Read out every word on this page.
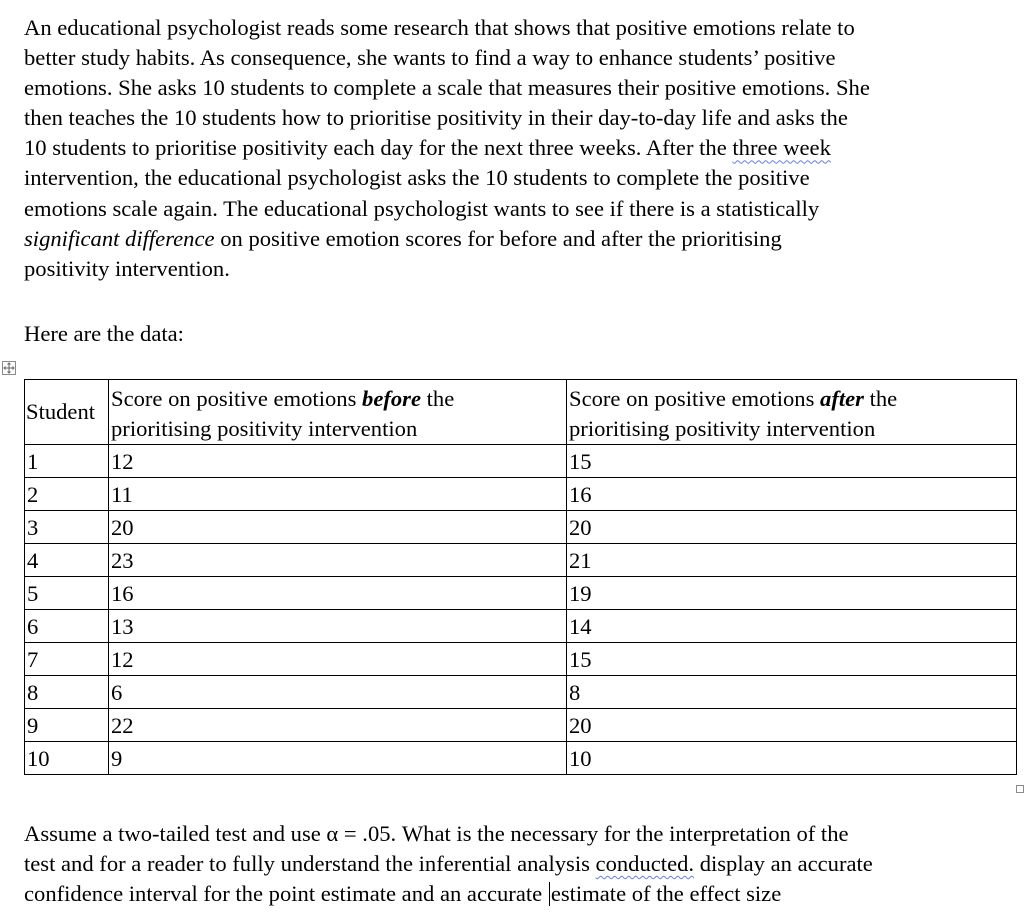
An educational psychologist reads some research that shows that positive emotions relate to
better study habits. As consequence, she wants to find a way to enhance students’ positive
emotions. She asks 10 students to complete a scale that measures their positive emotions. She
then teaches the 10 students how to prioritise positivity in their day-to-day life and asks the
10 students to prioritise positivity each day for the next three weeks. After the three week
intervention, the educational psychologist asks the 10 students to complete the positive
emotions scale again. The educational psychologist wants to see if there is a statistically
significant difference on positive emotion scores for before and after the prioritising
positivity intervention.

Here are the data:

Student	Score on positive emotions before the
prioritising positivity intervention	Score on positive emotions after the
prioritising positivity intervention
1	12	15
2	11	16
3	20	20
4	23	21
5	16	19
6	13	14
7	12	15
8	6	8
9	22	20
10	9	10
Assume a two-tailed test and use α = .05. What is the necessary for the interpretation of the
test and for a reader to fully understand the inferential analysis conducted. display an accurate
confidence interval for the point estimate and an accurate estimate of the effect size
